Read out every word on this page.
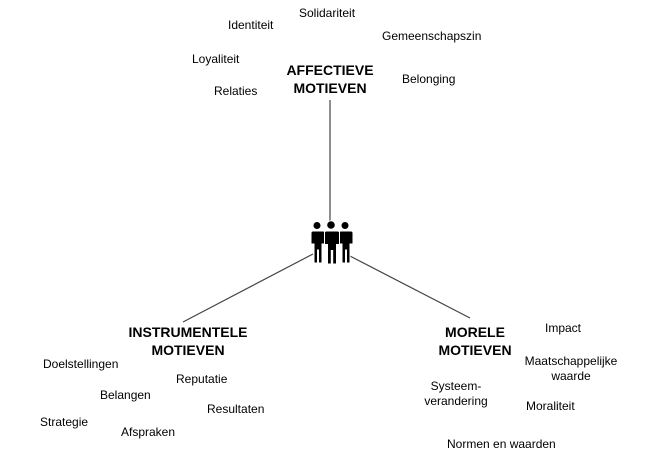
AFFECTIEVE
MOTIEVEN
INSTRUMENTELE
MOTIEVEN
MORELE
MOTIEVEN
Solidariteit
Identiteit
Gemeenschapszin
Loyaliteit
Belonging
Relaties
Doelstellingen
Reputatie
Belangen
Resultaten
Strategie
Afspraken
Impact
Maatschappelijke waarde
Systeem-verandering	Moraliteit
Normen en waarden
